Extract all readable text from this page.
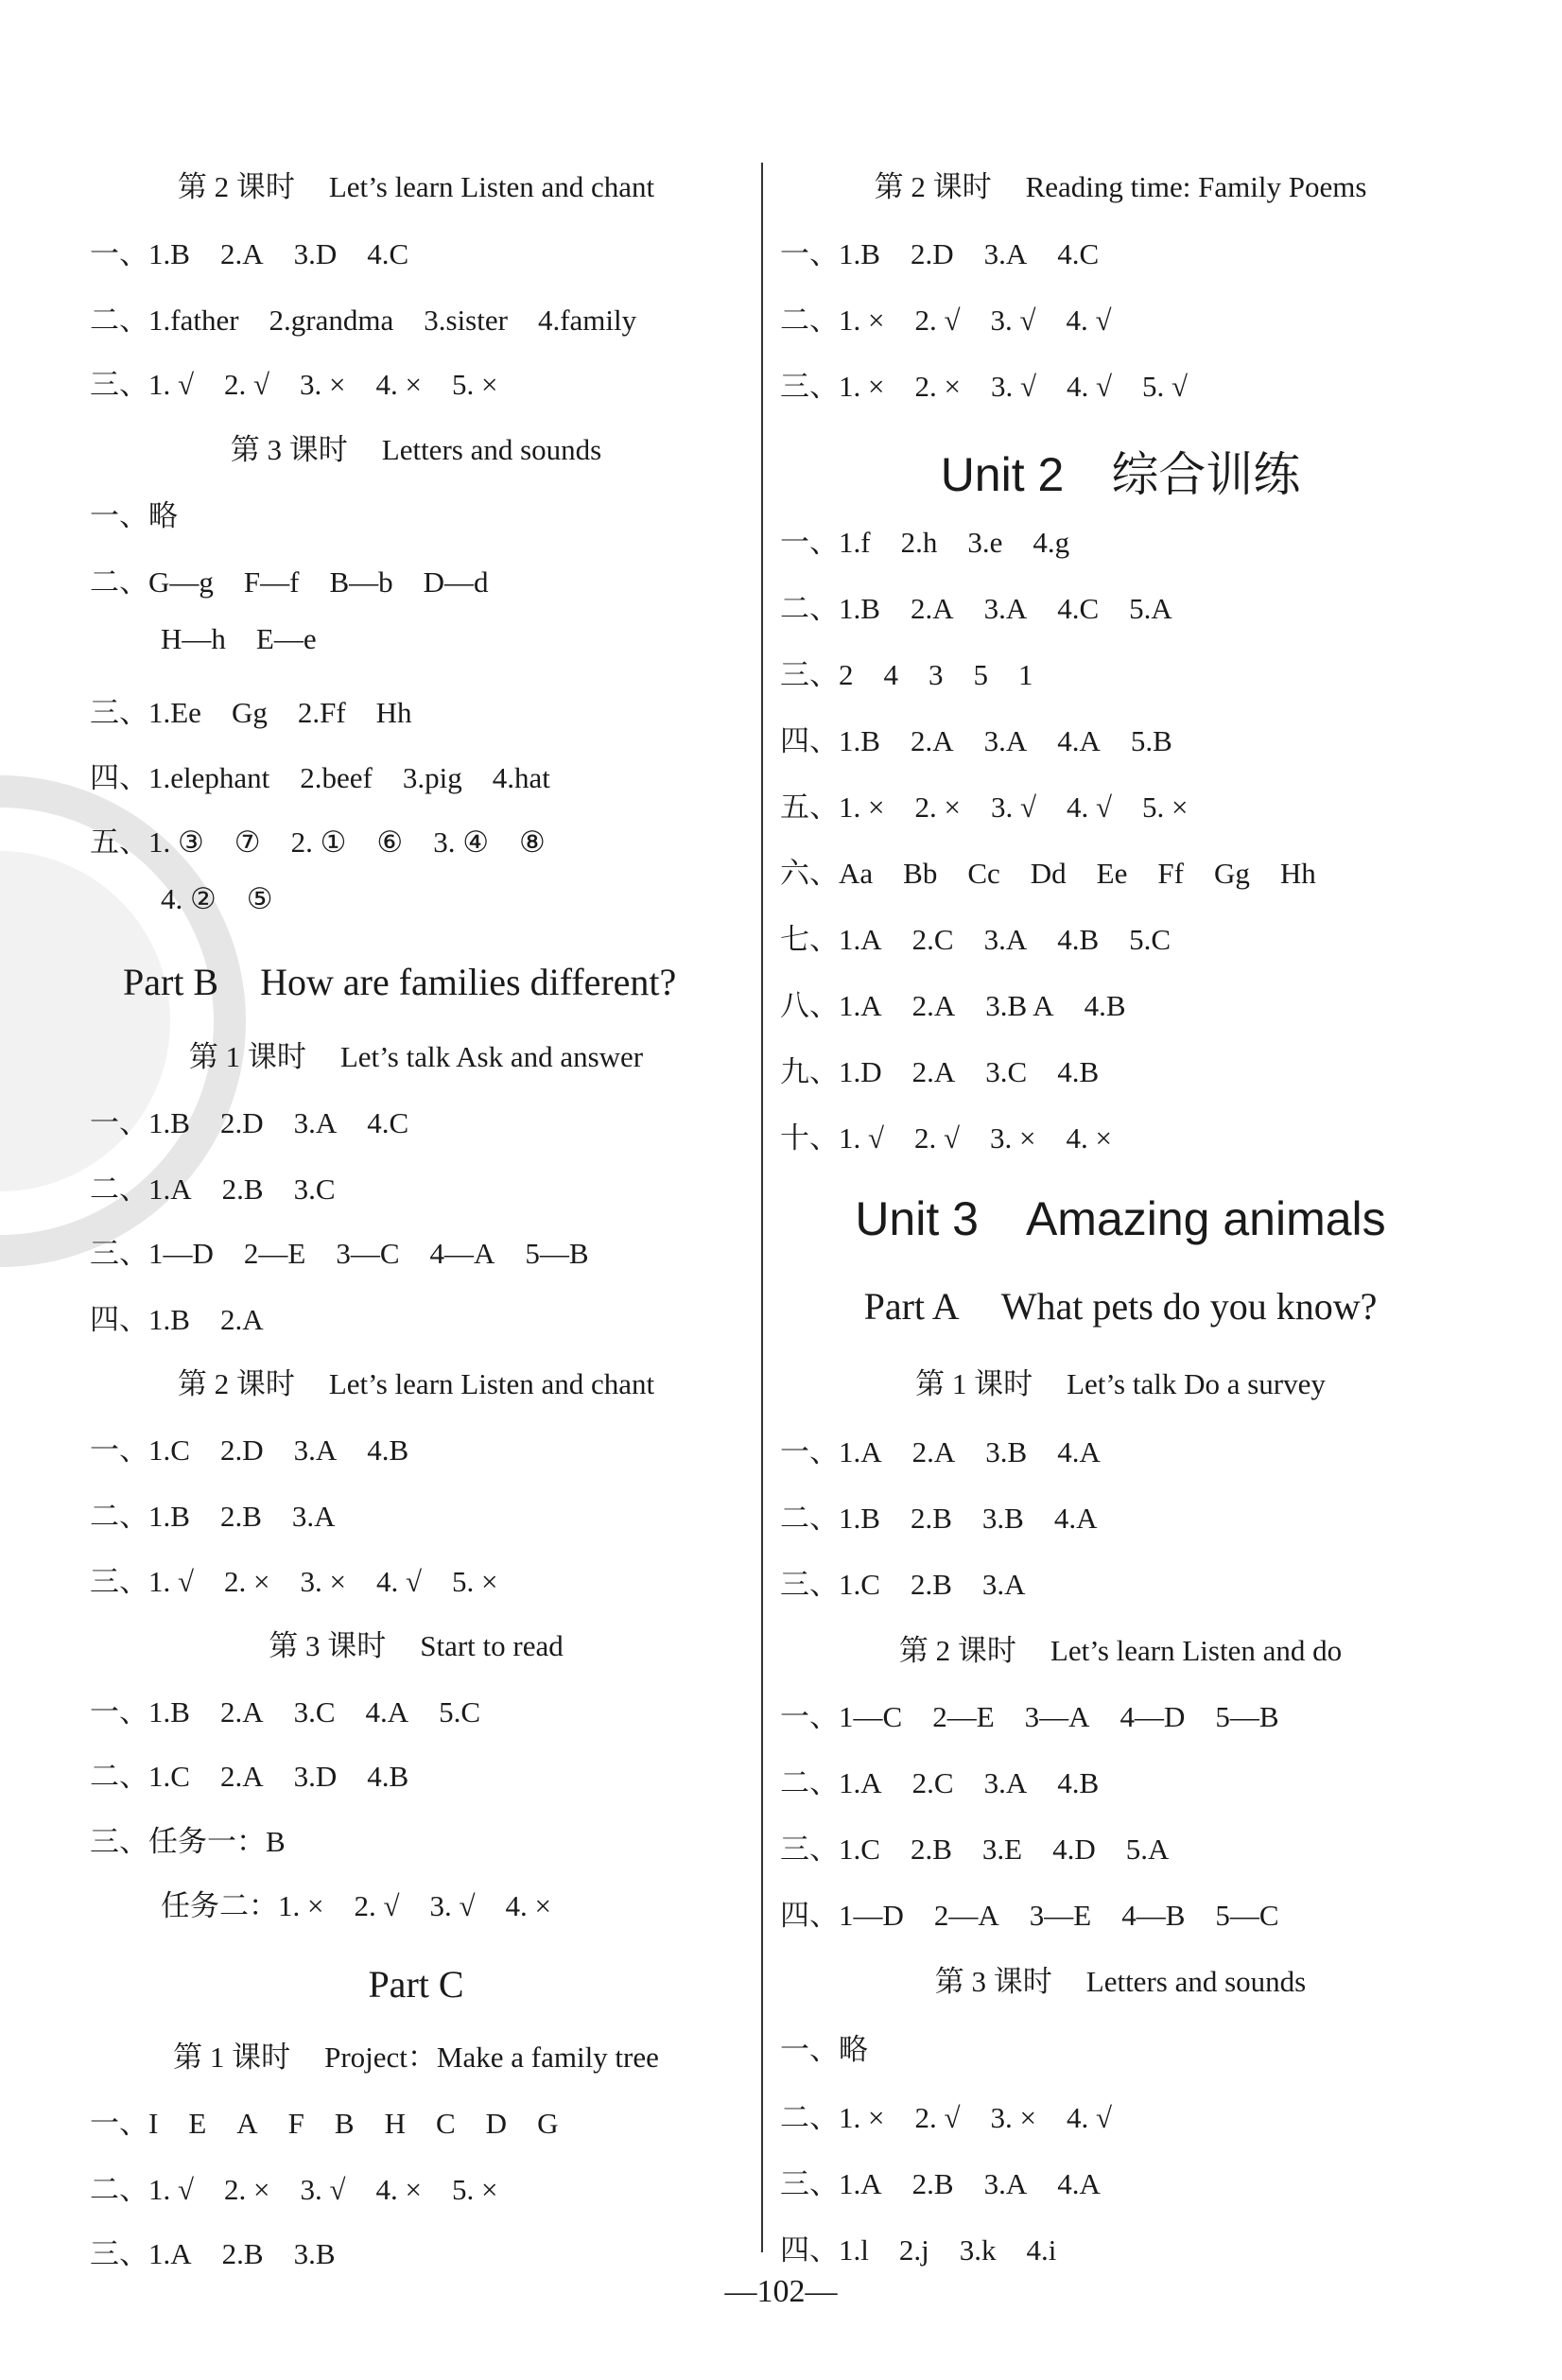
第 2 课时 Let’s learn Listen and chant
一、1.B 2.A 3.D 4.C
二、1.father 2.grandma 3.sister 4.family
三、1. √ 2. √ 3. × 4. × 5. ×
第 3 课时 Letters and sounds
一、略
二、G—g F—f B—b D—d
H—h E—e
三、1.Ee Gg 2.Ff Hh
四、1.elephant 2.beef 3.pig 4.hat
五、1. ③ ⑦ 2. ① ⑥ 3. ④ ⑧
4. ② ⑤
Part B How are families different?
第 1 课时 Let’s talk Ask and answer
一、1.B 2.D 3.A 4.C
二、1.A 2.B 3.C
三、1—D 2—E 3—C 4—A 5—B
四、1.B 2.A
第 2 课时 Let’s learn Listen and chant
一、1.C 2.D 3.A 4.B
二、1.B 2.B 3.A
三、1. √ 2. × 3. × 4. √ 5. ×
第 3 课时 Start to read
一、1.B 2.A 3.C 4.A 5.C
二、1.C 2.A 3.D 4.B
三、任务一：B
任务二：1. × 2. √ 3. √ 4. ×
Part C
第 1 课时 Project：Make a family tree
一、I E A F B H C D G
二、1. √ 2. × 3. √ 4. × 5. ×
三、1.A 2.B 3.B
第 2 课时 Reading time: Family Poems
一、1.B 2.D 3.A 4.C
二、1. × 2. √ 3. √ 4. √
三、1. × 2. × 3. √ 4. √ 5. √
Unit 2 综合训练
一、1.f 2.h 3.e 4.g
二、1.B 2.A 3.A 4.C 5.A
三、2 4 3 5 1
四、1.B 2.A 3.A 4.A 5.B
五、1. × 2. × 3. √ 4. √ 5. ×
六、Aa Bb Cc Dd Ee Ff Gg Hh
七、1.A 2.C 3.A 4.B 5.C
八、1.A 2.A 3.B A 4.B
九、1.D 2.A 3.C 4.B
十、1. √ 2. √ 3. × 4. ×
Unit 3 Amazing animals
Part A What pets do you know?
第 1 课时 Let’s talk Do a survey
一、1.A 2.A 3.B 4.A
二、1.B 2.B 3.B 4.A
三、1.C 2.B 3.A
第 2 课时 Let’s learn Listen and do
一、1—C 2—E 3—A 4—D 5—B
二、1.A 2.C 3.A 4.B
三、1.C 2.B 3.E 4.D 5.A
四、1—D 2—A 3—E 4—B 5—C
第 3 课时 Letters and sounds
一、略
二、1. × 2. √ 3. × 4. √
三、1.A 2.B 3.A 4.A
四、1.l 2.j 3.k 4.i
—102—
